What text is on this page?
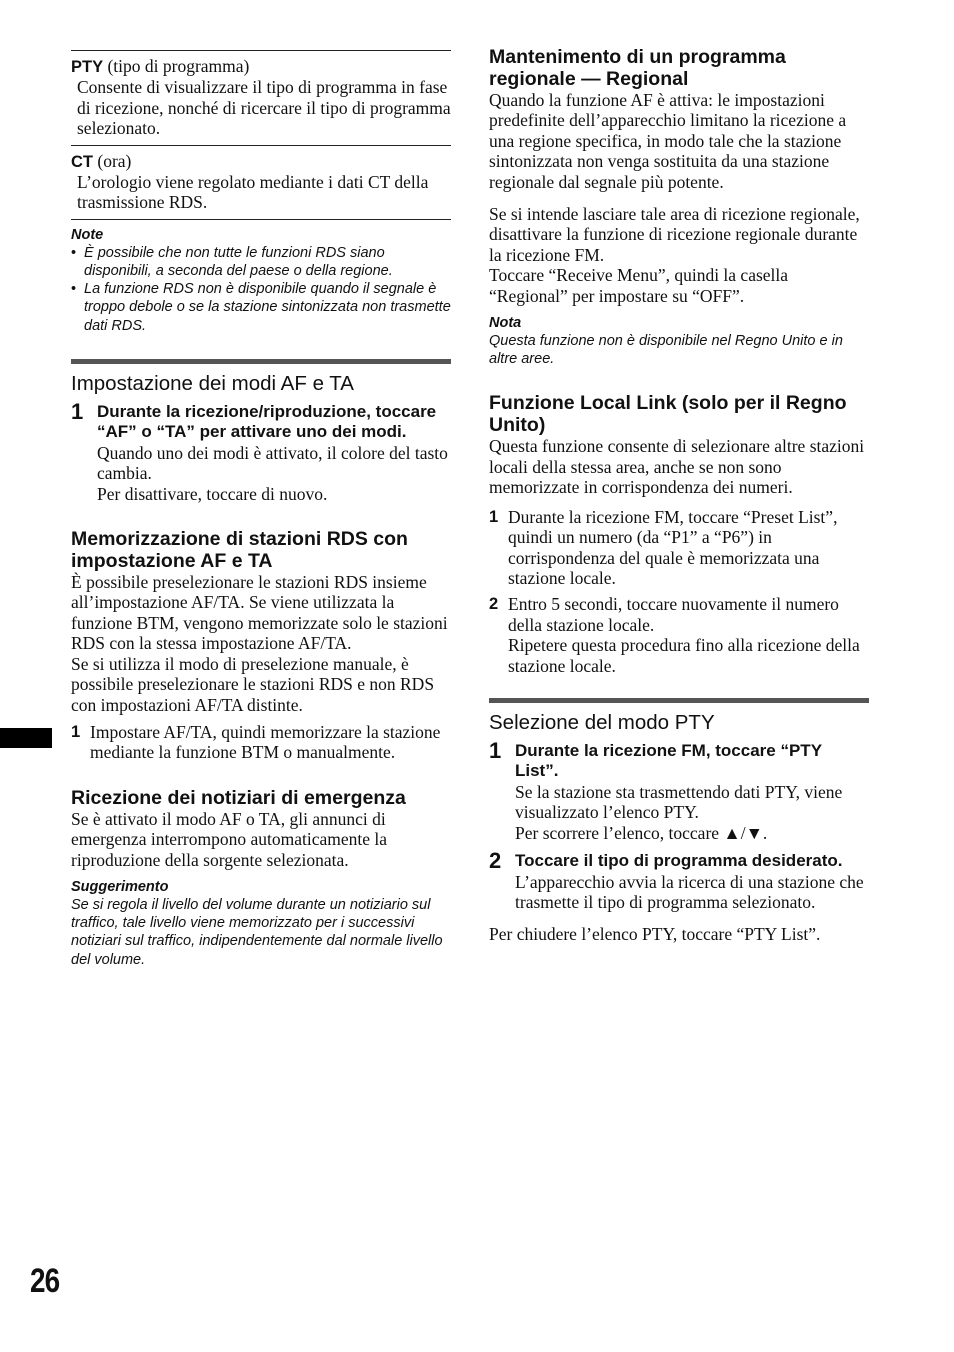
PTY (tipo di programma)
Consente di visualizzare il tipo di programma in fase di ricezione, nonché di ricercare il tipo di programma selezionato.
CT (ora)
L’orologio viene regolato mediante i dati CT della trasmissione RDS.
Note
• È possibile che non tutte le funzioni RDS siano disponibili, a seconda del paese o della regione.
• La funzione RDS non è disponibile quando il segnale è troppo debole o se la stazione sintonizzata non trasmette dati RDS.
Impostazione dei modi AF e TA
1 Durante la ricezione/riproduzione, toccare “AF” o “TA” per attivare uno dei modi.
Quando uno dei modi è attivato, il colore del tasto cambia.
Per disattivare, toccare di nuovo.
Memorizzazione di stazioni RDS con impostazione AF e TA
È possibile preselezionare le stazioni RDS insieme all’impostazione AF/TA. Se viene utilizzata la funzione BTM, vengono memorizzate solo le stazioni RDS con la stessa impostazione AF/TA.
Se si utilizza il modo di preselezione manuale, è possibile preselezionare le stazioni RDS e non RDS con impostazioni AF/TA distinte.
1 Impostare AF/TA, quindi memorizzare la stazione mediante la funzione BTM o manualmente.
Ricezione dei notiziari di emergenza
Se è attivato il modo AF o TA, gli annunci di emergenza interrompono automaticamente la riproduzione della sorgente selezionata.
Suggerimento
Se si regola il livello del volume durante un notiziario sul traffico, tale livello viene memorizzato per i successivi notiziari sul traffico, indipendentemente dal normale livello del volume.
Mantenimento di un programma regionale — Regional
Quando la funzione AF è attiva: le impostazioni predefinite dell’apparecchio limitano la ricezione a una regione specifica, in modo tale che la stazione sintonizzata non venga sostituita da una stazione regionale dal segnale più potente.
Se si intende lasciare tale area di ricezione regionale, disattivare la funzione di ricezione regionale durante la ricezione FM.
Toccare “Receive Menu”, quindi la casella “Regional” per impostare su “OFF”.
Nota
Questa funzione non è disponibile nel Regno Unito e in altre aree.
Funzione Local Link (solo per il Regno Unito)
Questa funzione consente di selezionare altre stazioni locali della stessa area, anche se non sono memorizzate in corrispondenza dei numeri.
1 Durante la ricezione FM, toccare “Preset List”, quindi un numero (da “P1” a “P6”) in corrispondenza del quale è memorizzata una stazione locale.
2 Entro 5 secondi, toccare nuovamente il numero della stazione locale.
Ripetere questa procedura fino alla ricezione della stazione locale.
Selezione del modo PTY
1 Durante la ricezione FM, toccare “PTY List”.
Se la stazione sta trasmettendo dati PTY, viene visualizzato l’elenco PTY.
Per scorrere l’elenco, toccare ▲/▼.
2 Toccare il tipo di programma desiderato.
L’apparecchio avvia la ricerca di una stazione che trasmette il tipo di programma selezionato.
Per chiudere l’elenco PTY, toccare “PTY List”.
26
